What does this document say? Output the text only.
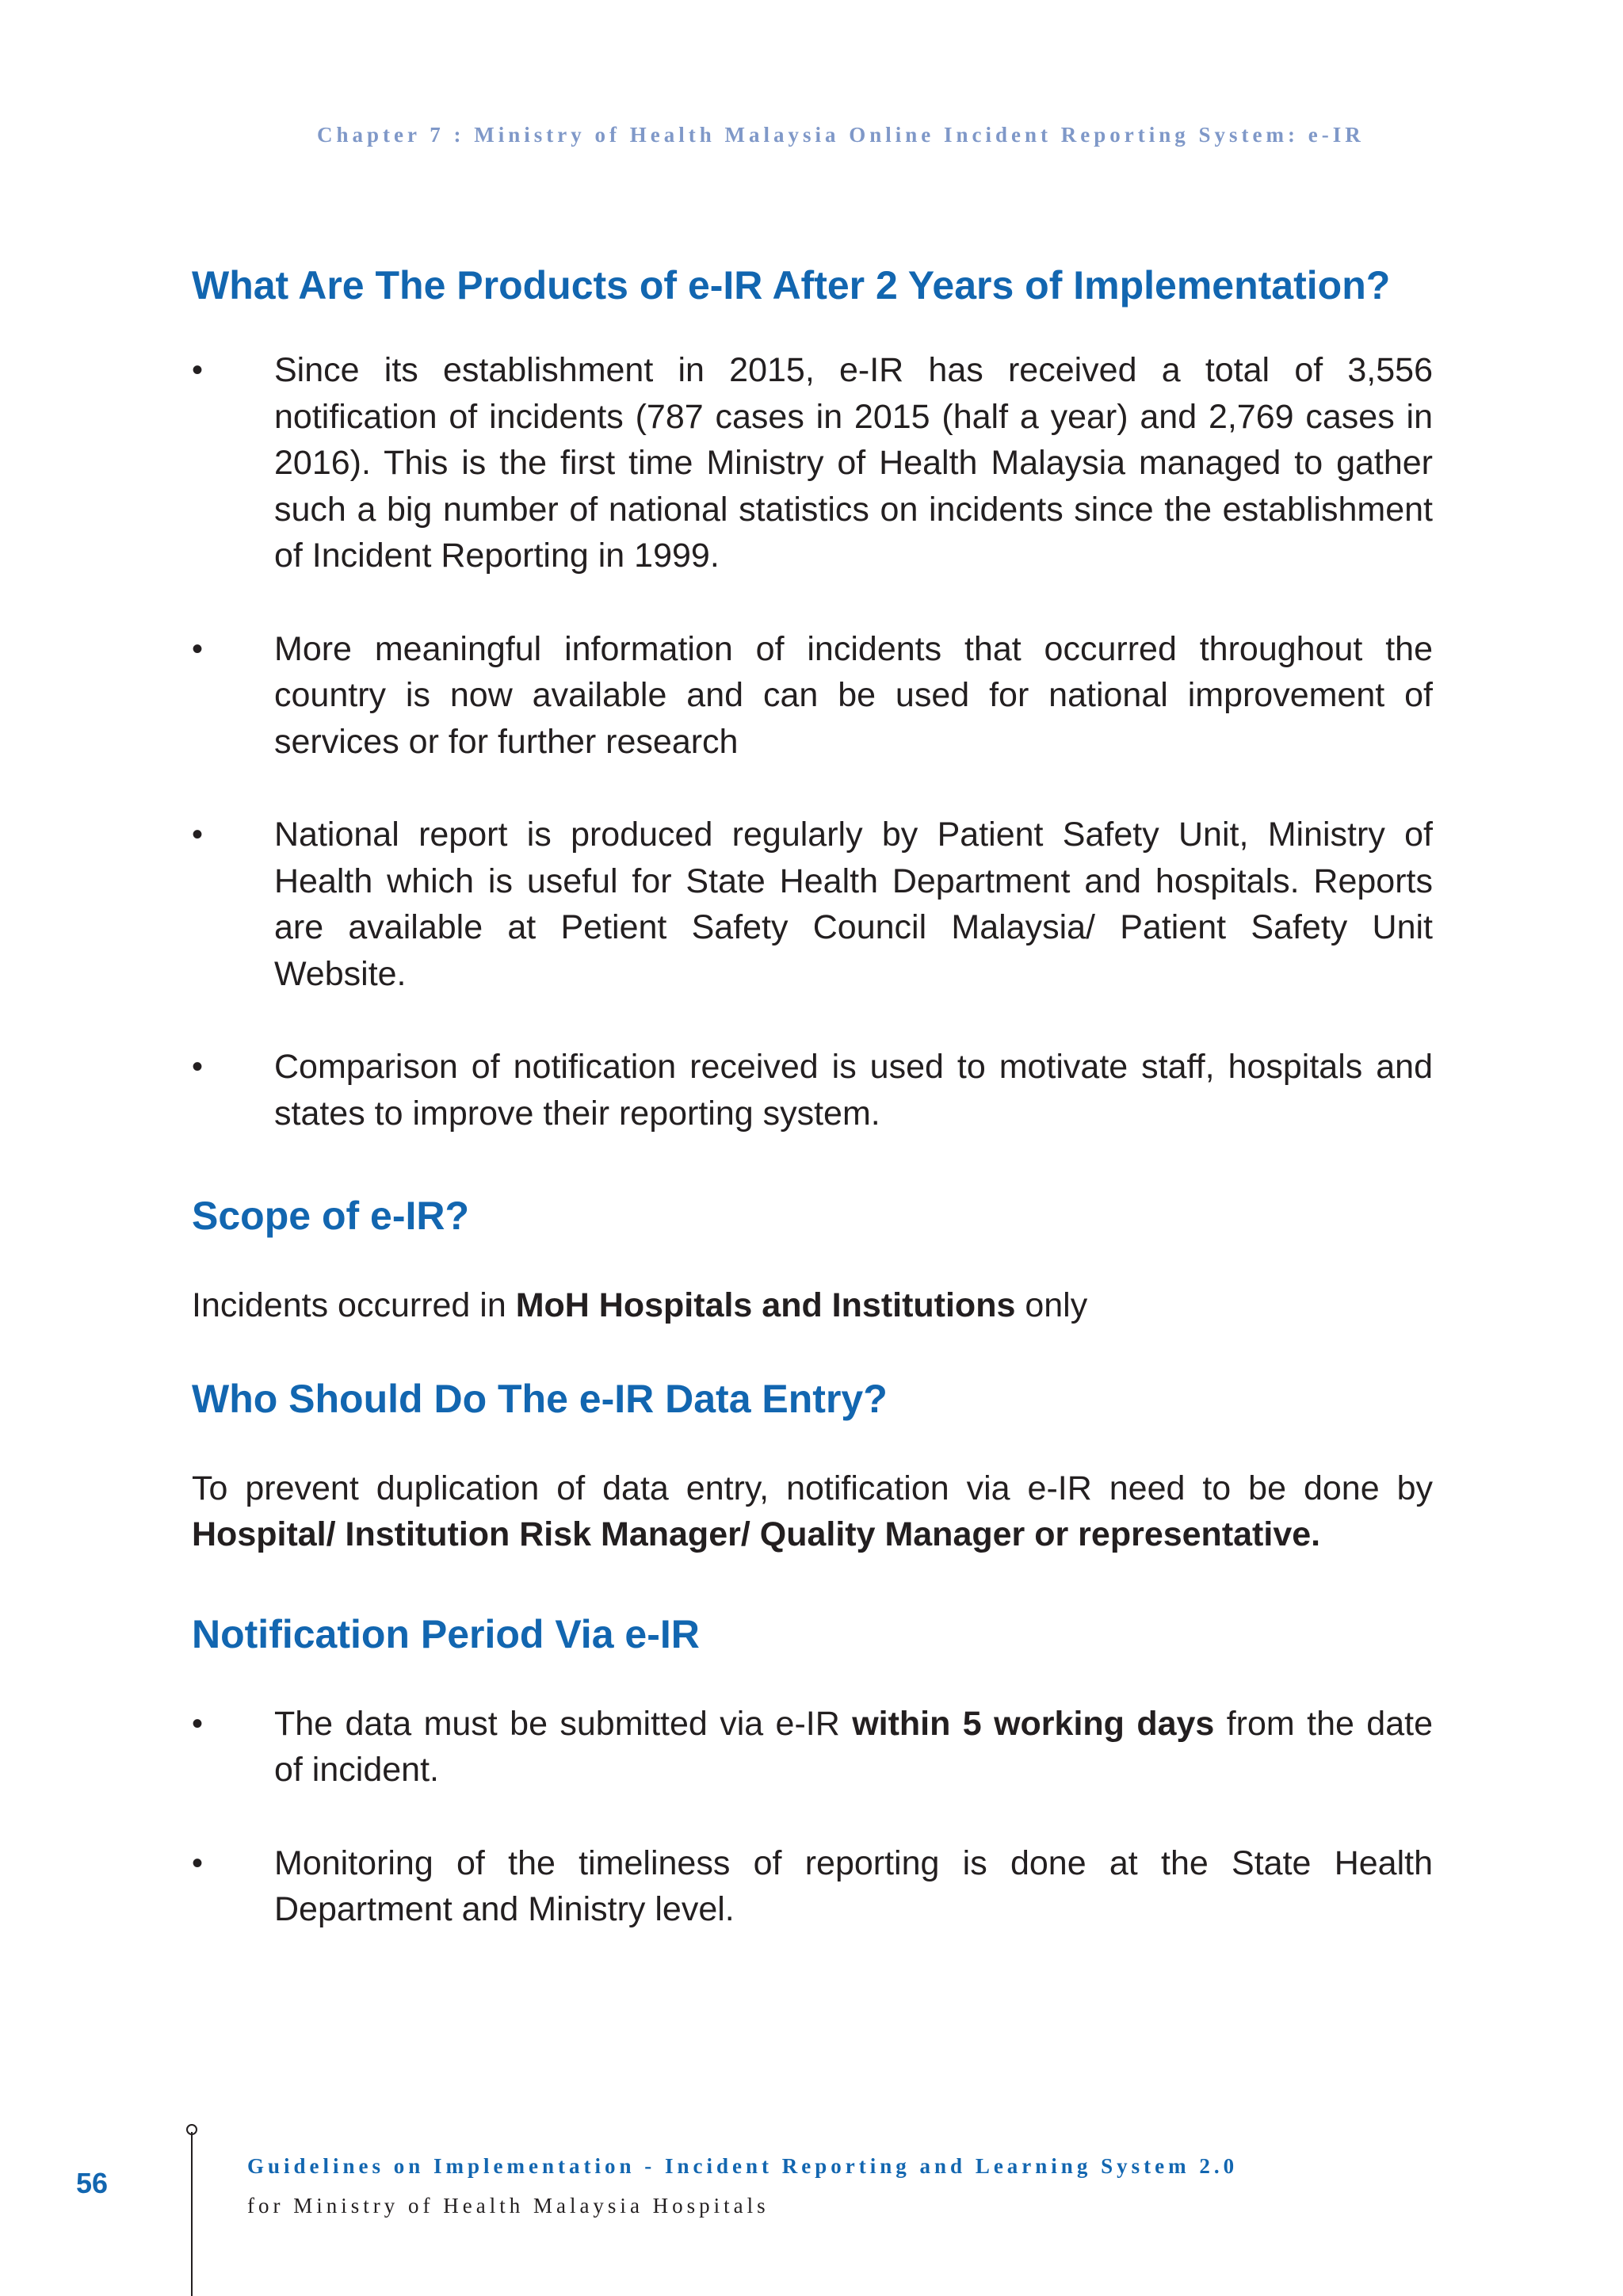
Chapter 7 : Ministry of Health Malaysia Online Incident Reporting System: e-IR
What Are The Products of e-IR After 2 Years of Implementation?
• Since its establishment in 2015, e-IR has received a total of 3,556 notification of incidents (787 cases in 2015 (half a year) and 2,769 cases in 2016). This is the first time Ministry of Health Malaysia managed to gather such a big number of national statistics on incidents since the establishment of Incident Reporting in 1999.
• More meaningful information of incidents that occurred throughout the country is now available and can be used for national improvement of services or for further research
• National report is produced regularly by Patient Safety Unit, Ministry of Health which is useful for State Health Department and hospitals. Reports are available at Petient Safety Council Malaysia/ Patient Safety Unit Website.
• Comparison of notification received is used to motivate staff, hospitals and states to improve their reporting system.
Scope of e-IR?

Incidents occurred in MoH Hospitals and Institutions only

Who Should Do The e-IR Data Entry?

To prevent duplication of data entry, notification via e-IR need to be done by Hospital/ Institution Risk Manager/ Quality Manager or representative.

Notification Period Via e-IR
• The data must be submitted via e-IR within 5 working days from the date of incident.
• Monitoring of the timeliness of reporting is done at the State Health Department and Ministry level.
56
Guidelines on Implementation - Incident Reporting and Learning System 2.0
for Ministry of Health Malaysia Hospitals
